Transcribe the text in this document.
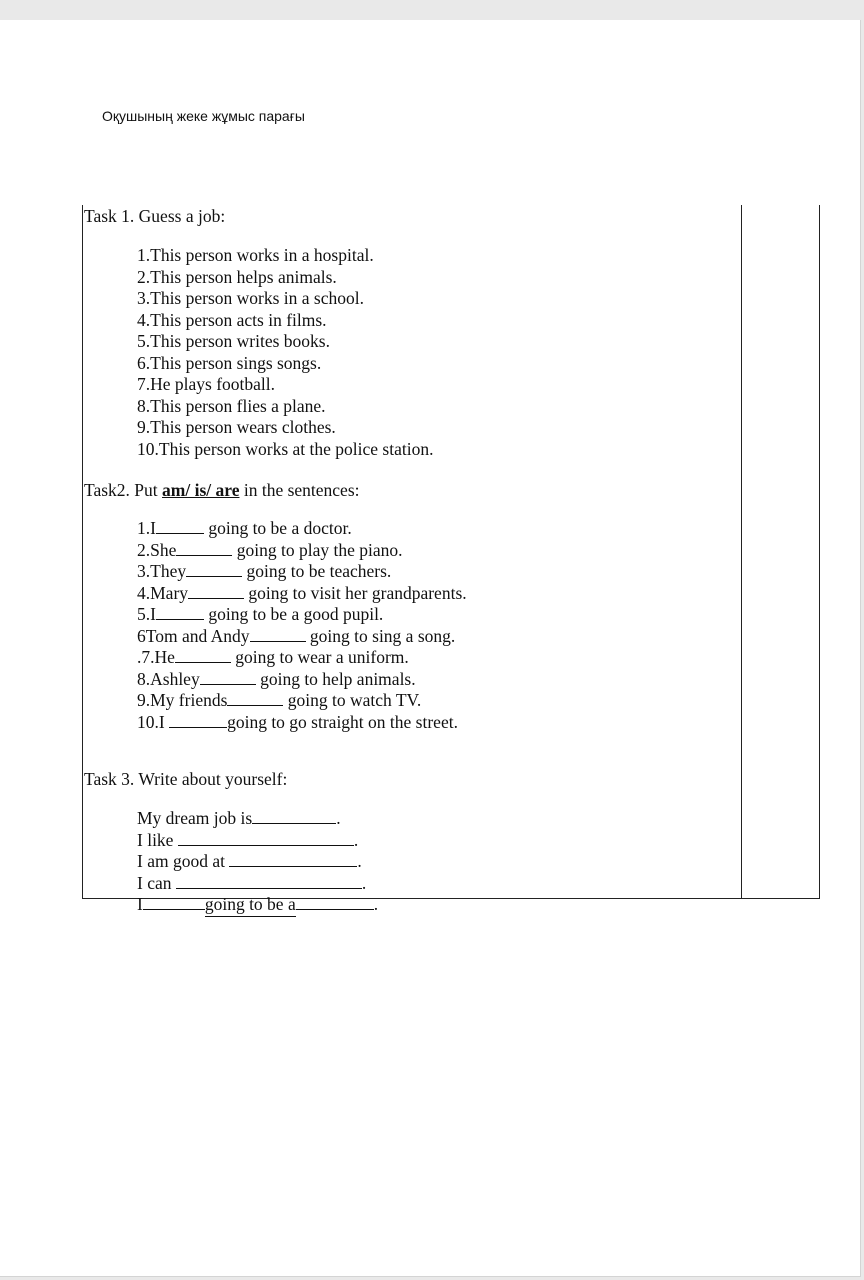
Оқушының жеке жұмыс парағы
Task 1. Guess a job:
1.This person works in a hospital.
2.This person helps animals.
3.This person works in a school.
4.This person acts in films.
5.This person writes books.
6.This person sings songs.
7.He plays football.
8.This person flies a plane.
9.This person wears clothes.
10.This person works at the police station.
Task2. Put am/ is/ are in the sentences:
1.I	going to be a doctor.
2.She	going to play the piano.
3.They	going to be teachers.
4.Mary	going to visit her grandparents.
5.I	going to be a good pupil.
6Tom and Andy	going to sing a song.
.7.He	going to wear a uniform.
8.Ashley	going to help animals.
9.My friends	going to watch TV.
10.I	going to go straight on the street.
Task 3. Write about yourself:
My dream job is	.
I like	.
I am good at	.
I can	.
I	going to be a	.
